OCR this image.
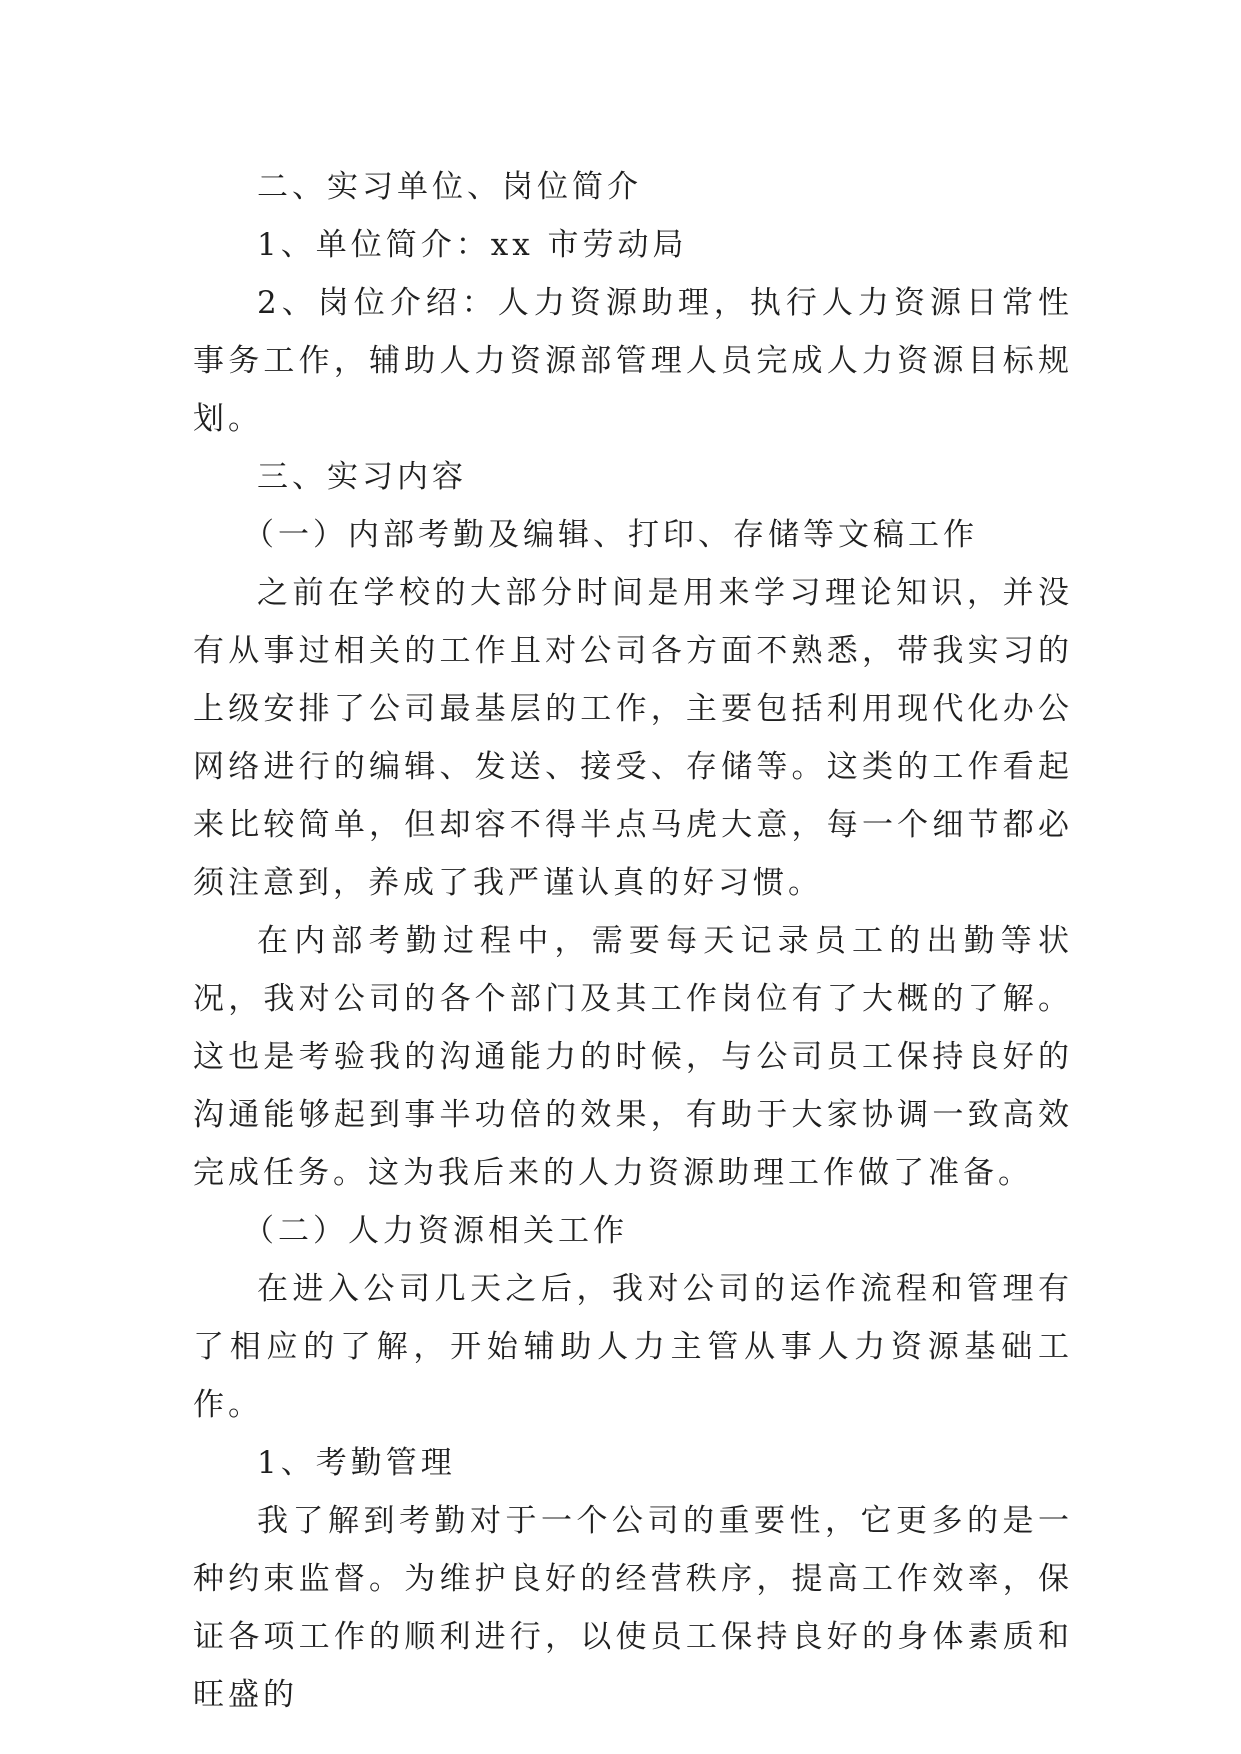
二、实习单位、岗位简介

1、单位简介：xx 市劳动局

2、岗位介绍：人力资源助理，执行人力资源日常性事务工作，辅助人力资源部管理人员完成人力资源目标规划。

三、实习内容

（一）内部考勤及编辑、打印、存储等文稿工作

之前在学校的大部分时间是用来学习理论知识，并没有从事过相关的工作且对公司各方面不熟悉，带我实习的上级安排了公司最基层的工作，主要包括利用现代化办公网络进行的编辑、发送、接受、存储等。这类的工作看起来比较简单，但却容不得半点马虎大意，每一个细节都必须注意到，养成了我严谨认真的好习惯。

在内部考勤过程中，需要每天记录员工的出勤等状况，我对公司的各个部门及其工作岗位有了大概的了解。这也是考验我的沟通能力的时候，与公司员工保持良好的沟通能够起到事半功倍的效果，有助于大家协调一致高效完成任务。这为我后来的人力资源助理工作做了准备。

（二）人力资源相关工作

在进入公司几天之后，我对公司的运作流程和管理有了相应的了解，开始辅助人力主管从事人力资源基础工作。

1、考勤管理

我了解到考勤对于一个公司的重要性，它更多的是一种约束监督。为维护良好的经营秩序，提高工作效率，保证各项工作的顺利进行，以使员工保持良好的身体素质和旺盛的
